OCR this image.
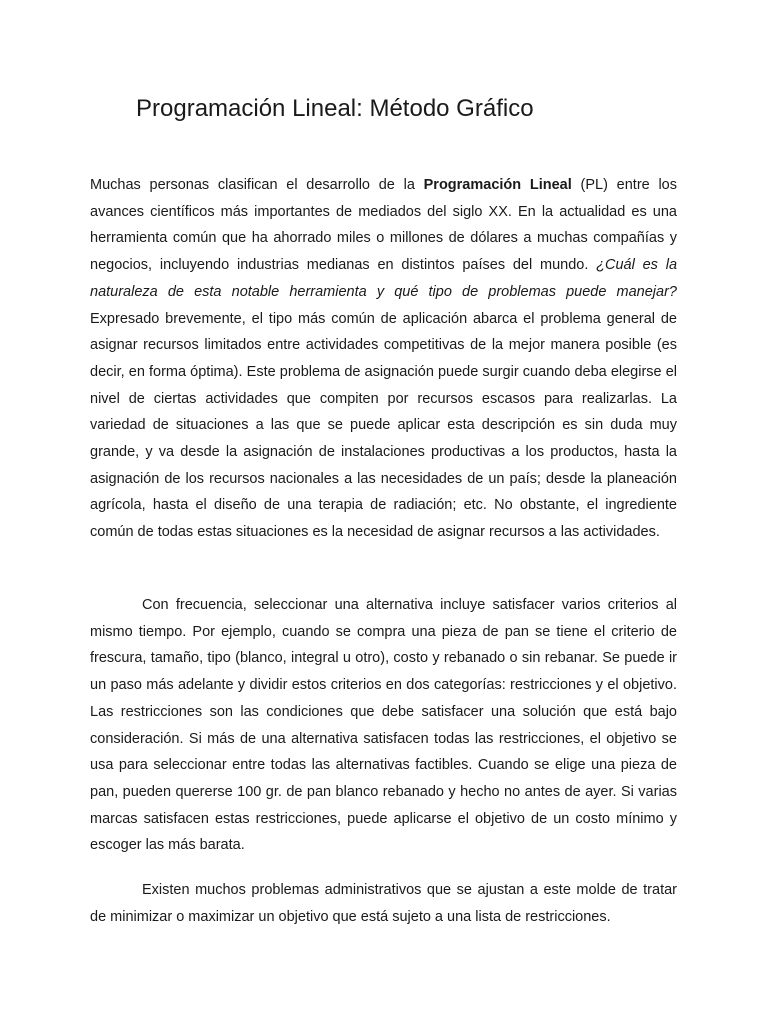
Programación Lineal: Método Gráfico

Muchas personas clasifican el desarrollo de la Programación Lineal (PL) entre los avances científicos más importantes de mediados del siglo XX. En la actualidad es una herramienta común que ha ahorrado miles o millones de dólares a muchas compañías y negocios, incluyendo industrias medianas en distintos países del mundo. ¿Cuál es la naturaleza de esta notable herramienta y qué tipo de problemas puede manejar? Expresado brevemente, el tipo más común de aplicación abarca el problema general de asignar recursos limitados entre actividades competitivas de la mejor manera posible (es decir, en forma óptima). Este problema de asignación puede surgir cuando deba elegirse el nivel de ciertas actividades que compiten por recursos escasos para realizarlas. La variedad de situaciones a las que se puede aplicar esta descripción es sin duda muy grande, y va desde la asignación de instalaciones productivas a los productos, hasta la asignación de los recursos nacionales a las necesidades de un país; desde la planeación agrícola, hasta el diseño de una terapia de radiación; etc. No obstante, el ingrediente común de todas estas situaciones es la necesidad de asignar recursos a las actividades.

Con frecuencia, seleccionar una alternativa incluye satisfacer varios criterios al mismo tiempo. Por ejemplo, cuando se compra una pieza de pan se tiene el criterio de frescura, tamaño, tipo (blanco, integral u otro), costo y rebanado o sin rebanar. Se puede ir un paso más adelante y dividir estos criterios en dos categorías: restricciones y el objetivo. Las restricciones son las condiciones que debe satisfacer una solución que está bajo consideración. Si más de una alternativa satisfacen todas las restricciones, el objetivo se usa para seleccionar entre todas las alternativas factibles. Cuando se elige una pieza de pan, pueden quererse 100 gr. de pan blanco rebanado y hecho no antes de ayer. Si varias marcas satisfacen estas restricciones, puede aplicarse el objetivo de un costo mínimo y escoger las más barata.

Existen muchos problemas administrativos que se ajustan a este molde de tratar de minimizar o maximizar un objetivo que está sujeto a una lista de restricciones.
